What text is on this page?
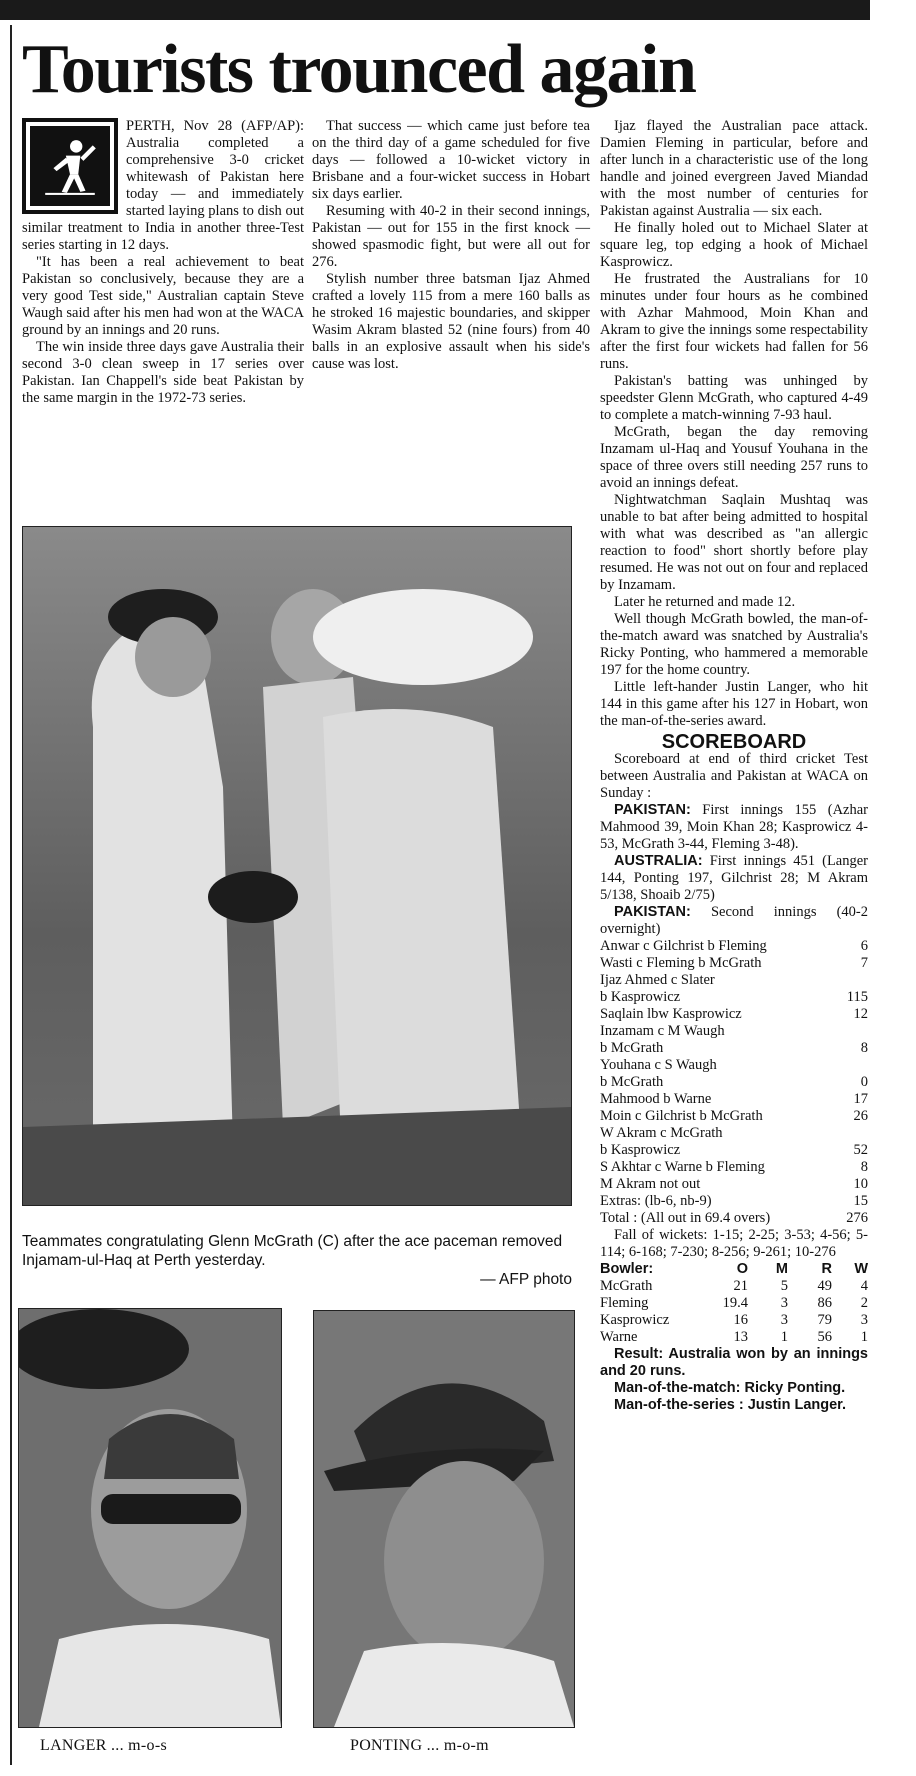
Tourists trounced again

PERTH, Nov 28 (AFP/AP): Australia completed a comprehensive 3-0 cricket whitewash of Pakistan here today — and immediately started laying plans to dish out similar treatment to India in another three-Test series starting in 12 days.

"It has been a real achievement to beat Pakistan so conclusively, because they are a very good Test side," Australian captain Steve Waugh said after his men had won at the WACA ground by an innings and 20 runs.

The win inside three days gave Australia their second 3-0 clean sweep in 17 series over Pakistan. Ian Chappell's side beat Pakistan by the same margin in the 1972-73 series.

That success — which came just before tea on the third day of a game scheduled for five days — followed a 10-wicket victory in Brisbane and a four-wicket success in Hobart six days earlier.

Resuming with 40-2 in their second innings, Pakistan — out for 155 in the first knock — showed spasmodic fight, but were all out for 276.

Stylish number three batsman Ijaz Ahmed crafted a lovely 115 from a mere 160 balls as he stroked 16 majestic boundaries, and skipper Wasim Akram blasted 52 (nine fours) from 40 balls in an explosive assault when his side's cause was lost.

Ijaz flayed the Australian pace attack. Damien Fleming in particular, before and after lunch in a characteristic use of the long handle and joined evergreen Javed Miandad with the most number of centuries for Pakistan against Australia — six each.

He finally holed out to Michael Slater at square leg, top edging a hook of Michael Kasprowicz.

He frustrated the Australians for 10 minutes under four hours as he combined with Azhar Mahmood, Moin Khan and Akram to give the innings some respectability after the first four wickets had fallen for 56 runs.

Pakistan's batting was unhinged by speedster Glenn McGrath, who captured 4-49 to complete a match-winning 7-93 haul.

McGrath, began the day removing Inzamam ul-Haq and Yousuf Youhana in the space of three overs still needing 257 runs to avoid an innings defeat.

Nightwatchman Saqlain Mushtaq was unable to bat after being admitted to hospital with what was described as "an allergic reaction to food" short shortly before play resumed. He was not out on four and replaced by Inzamam.

Later he returned and made 12.

Well though McGrath bowled, the man-of-the-match award was snatched by Australia's Ricky Ponting, who hammered a memorable 197 for the home country.

Little left-hander Justin Langer, who hit 144 in this game after his 127 in Hobart, won the man-of-the-series award.

SCOREBOARD

Scoreboard at end of third cricket Test between Australia and Pakistan at WACA on Sunday :

PAKISTAN: First innings 155 (Azhar Mahmood 39, Moin Khan 28; Kasprowicz 4-53, McGrath 3-44, Fleming 3-48).

AUSTRALIA: First innings 451 (Langer 144, Ponting 197, Gilchrist 28; M Akram 5/138, Shoaib 2/75)

PAKISTAN: Second innings (40-2 overnight)

Anwar c Gilchrist b Fleming	6
Wasti c Fleming b McGrath	7
Ijaz Ahmed c Slater
b Kasprowicz	115
Saqlain lbw Kasprowicz	12
Inzamam c M Waugh
b McGrath	8
Youhana c S Waugh
b McGrath	0
Mahmood b Warne	17
Moin c Gilchrist b McGrath	26
W Akram c McGrath
b Kasprowicz	52
S Akhtar c Warne b Fleming	8
M Akram not out	10
Extras: (lb-6, nb-9)	15
Total : (All out in 69.4 overs)	276

Fall of wickets: 1-15; 2-25; 3-53; 4-56; 5-114; 6-168; 7-230; 8-256; 9-261; 10-276

Bowler:	O	M	R	W
McGrath	21	5	49	4
Fleming	19.4	3	86	2
Kasprowicz	16	3	79	3
Warne	13	1	56	1

Result: Australia won by an innings and 20 runs.

Man-of-the-match: Ricky Ponting.

Man-of-the-series : Justin Langer.

Teammates congratulating Glenn McGrath (C) after the ace paceman removed Injamam-ul-Haq at Perth yesterday.
— AFP photo
LANGER ... m-o-s	PONTING ... m-o-m
